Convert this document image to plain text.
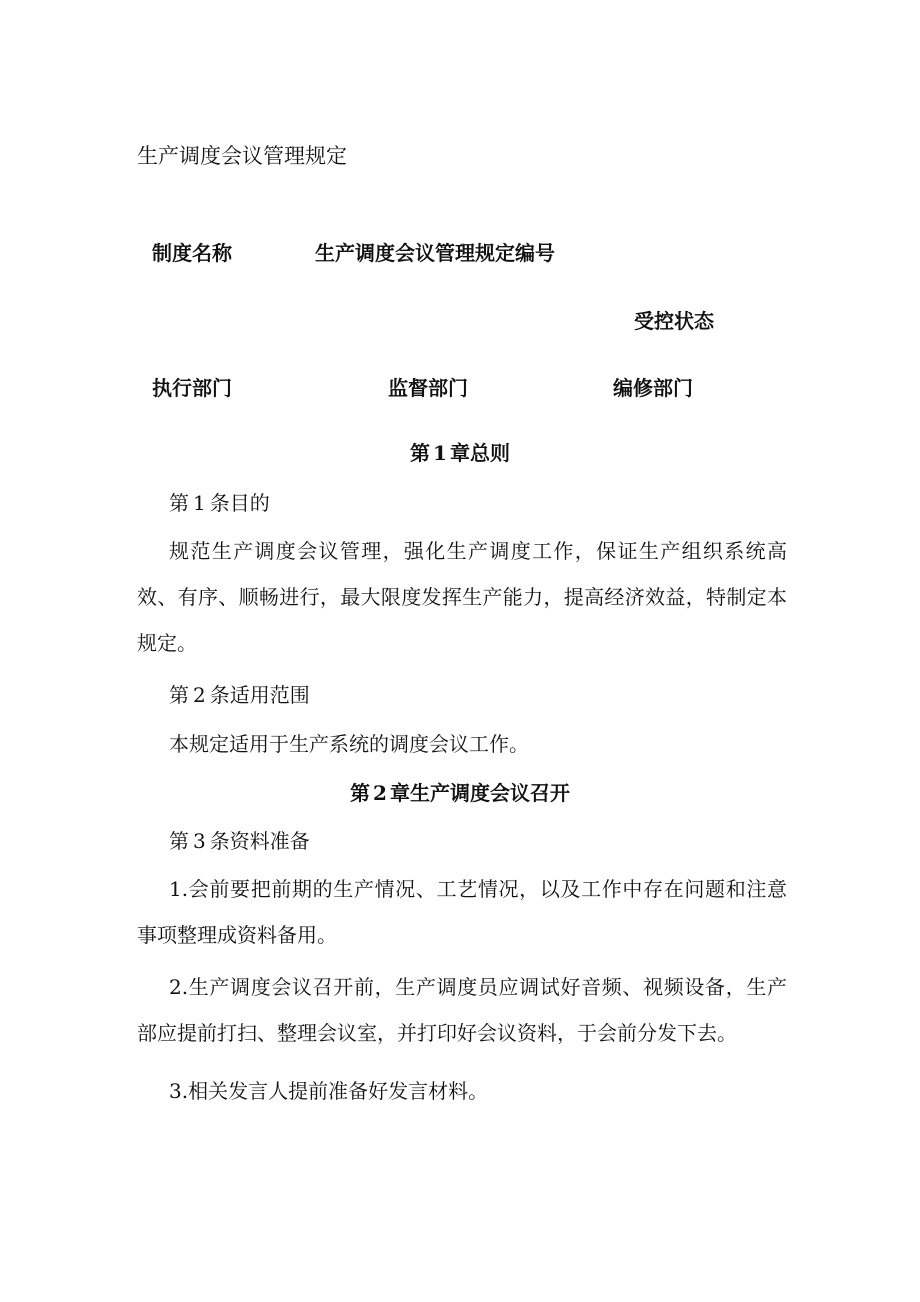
生产调度会议管理规定
制度名称	生产调度会议管理规定编号
受控状态
执行部门	监督部门	编修部门
第 1 章总则
第 1 条目的
规范生产调度会议管理，强化生产调度工作，保证生产组织系统高效、有序、顺畅进行，最大限度发挥生产能力，提高经济效益，特制定本规定。
第 2 条适用范围
本规定适用于生产系统的调度会议工作。
第 2 章生产调度会议召开
第 3 条资料准备
1.会前要把前期的生产情况、工艺情况，以及工作中存在问题和注意事项整理成资料备用。
2.生产调度会议召开前，生产调度员应调试好音频、视频设备，生产部应提前打扫、整理会议室，并打印好会议资料，于会前分发下去。
3.相关发言人提前准备好发言材料。
